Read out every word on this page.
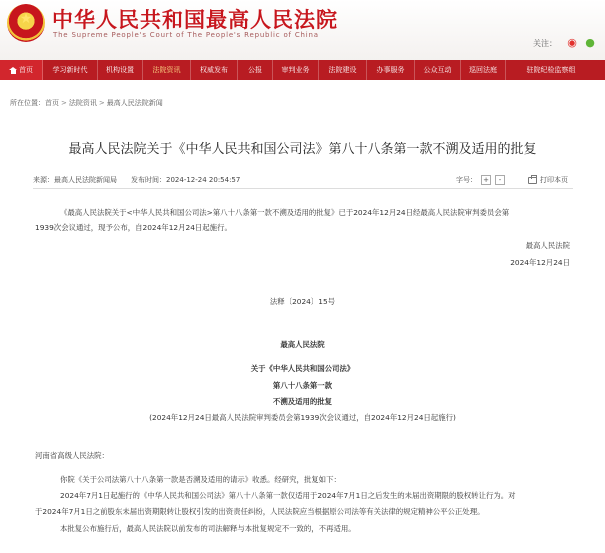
★ 中华人民共和国最高人民法院
The Supreme People's Court of The People's Republic of China
关注： ◉ ●
首页	学习新时代	机构设置	法院资讯	权威发布	公报	审判业务	法院建设	办事服务	公众互动	巡回法庭	驻院纪检监察组
所在位置：首页 > 法院资讯 > 最高人民法院新闻
最高人民法院关于《中华人民共和国公司法》第八十八条第一款不溯及适用的批复
来源：最高人民法院新闻局 发布时间：2024-12-24 20:54:57	字号： +	-	打印本页
《最高人民法院关于<中华人民共和国公司法>第八十八条第一款不溯及适用的批复》已于2024年12月24日经最高人民法院审判委员会第
1939次会议通过，现予公布，自2024年12月24日起施行。
最高人民法院
2024年12月24日
法释〔2024〕15号
最高人民法院
关于《中华人民共和国公司法》
第八十八条第一款
不溯及适用的批复
(2024年12月24日最高人民法院审判委员会第1939次会议通过，自2024年12月24日起施行)
河南省高级人民法院：
你院《关于公司法第八十八条第一款是否溯及适用的请示》收悉。经研究，批复如下：
2024年7月1日起施行的《中华人民共和国公司法》第八十八条第一款仅适用于2024年7月1日之后发生的未届出资期限的股权转让行为。对
于2024年7月1日之前股东未届出资期限转让股权引发的出资责任纠纷，人民法院应当根据原公司法等有关法律的规定精神公平公正处理。
本批复公布施行后，最高人民法院以前发布的司法解释与本批复规定不一致的，不再适用。
